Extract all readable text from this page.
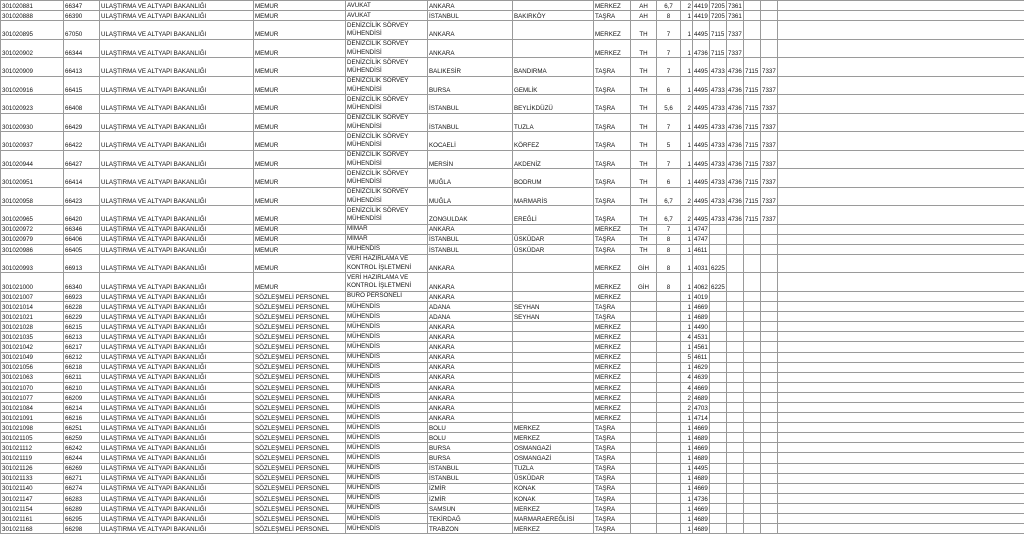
301020881	66347	ULAŞTIRMA VE ALTYAPI BAKANLIĞI	MEMUR	AVUKAT	ANKARA		MERKEZ	AH	6,7	2	4419	7205	7361			
301020888	66390	ULAŞTIRMA VE ALTYAPI BAKANLIĞI	MEMUR	AVUKAT	İSTANBUL	BAKIRKÖY	TAŞRA	AH	8	1	4419	7205	7361			
301020895	67050	ULAŞTIRMA VE ALTYAPI BAKANLIĞI	MEMUR	DENİZCİLİK SÖRVEY MÜHENDİSİ	ANKARA		MERKEZ	TH	7	1	4495	7115	7337			
301020902	66344	ULAŞTIRMA VE ALTYAPI BAKANLIĞI	MEMUR	DENİZCİLİK SÖRVEY MÜHENDİSİ	ANKARA		MERKEZ	TH	7	1	4736	7115	7337			
301020909	66413	ULAŞTIRMA VE ALTYAPI BAKANLIĞI	MEMUR	DENİZCİLİK SÖRVEY MÜHENDİSİ	BALIKESİR	BANDIRMA	TAŞRA	TH	7	1	4495	4733	4736	7115	7337	
301020916	66415	ULAŞTIRMA VE ALTYAPI BAKANLIĞI	MEMUR	DENİZCİLİK SÖRVEY MÜHENDİSİ	BURSA	GEMLİK	TAŞRA	TH	6	1	4495	4733	4736	7115	7337	
301020923	66408	ULAŞTIRMA VE ALTYAPI BAKANLIĞI	MEMUR	DENİZCİLİK SÖRVEY MÜHENDİSİ	İSTANBUL	BEYLİKDÜZÜ	TAŞRA	TH	5,6	2	4495	4733	4736	7115	7337	
301020930	66429	ULAŞTIRMA VE ALTYAPI BAKANLIĞI	MEMUR	DENİZCİLİK SÖRVEY MÜHENDİSİ	İSTANBUL	TUZLA	TAŞRA	TH	7	1	4495	4733	4736	7115	7337	
301020937	66422	ULAŞTIRMA VE ALTYAPI BAKANLIĞI	MEMUR	DENİZCİLİK SÖRVEY MÜHENDİSİ	KOCAELİ	KÖRFEZ	TAŞRA	TH	5	1	4495	4733	4736	7115	7337	
301020944	66427	ULAŞTIRMA VE ALTYAPI BAKANLIĞI	MEMUR	DENİZCİLİK SÖRVEY MÜHENDİSİ	MERSİN	AKDENİZ	TAŞRA	TH	7	1	4495	4733	4736	7115	7337	
301020951	66414	ULAŞTIRMA VE ALTYAPI BAKANLIĞI	MEMUR	DENİZCİLİK SÖRVEY MÜHENDİSİ	MUĞLA	BODRUM	TAŞRA	TH	6	1	4495	4733	4736	7115	7337	
301020958	66423	ULAŞTIRMA VE ALTYAPI BAKANLIĞI	MEMUR	DENİZCİLİK SÖRVEY MÜHENDİSİ	MUĞLA	MARMARİS	TAŞRA	TH	6,7	2	4495	4733	4736	7115	7337	
301020965	66420	ULAŞTIRMA VE ALTYAPI BAKANLIĞI	MEMUR	DENİZCİLİK SÖRVEY MÜHENDİSİ	ZONGULDAK	EREĞLİ	TAŞRA	TH	6,7	2	4495	4733	4736	7115	7337	
301020972	66346	ULAŞTIRMA VE ALTYAPI BAKANLIĞI	MEMUR	MİMAR	ANKARA		MERKEZ	TH	7	1	4747					
301020979	66406	ULAŞTIRMA VE ALTYAPI BAKANLIĞI	MEMUR	MİMAR	İSTANBUL	ÜSKÜDAR	TAŞRA	TH	8	1	4747					
301020986	66405	ULAŞTIRMA VE ALTYAPI BAKANLIĞI	MEMUR	MÜHENDİS	İSTANBUL	ÜSKÜDAR	TAŞRA	TH	8	1	4611					
301020993	66913	ULAŞTIRMA VE ALTYAPI BAKANLIĞI	MEMUR	VERİ HAZIRLAMA VE KONTROL İŞLETMENİ	ANKARA		MERKEZ	GİH	8	1	4031	6225				
301021000	66340	ULAŞTIRMA VE ALTYAPI BAKANLIĞI	MEMUR	VERİ HAZIRLAMA VE KONTROL İŞLETMENİ	ANKARA		MERKEZ	GİH	8	1	4062	6225				
301021007	66923	ULAŞTIRMA VE ALTYAPI BAKANLIĞI	SÖZLEŞMELİ PERSONEL	BÜRO PERSONELİ	ANKARA		MERKEZ			1	4019					
301021014	66228	ULAŞTIRMA VE ALTYAPI BAKANLIĞI	SÖZLEŞMELİ PERSONEL	MÜHENDİS	ADANA	SEYHAN	TAŞRA			1	4669					
301021021	66229	ULAŞTIRMA VE ALTYAPI BAKANLIĞI	SÖZLEŞMELİ PERSONEL	MÜHENDİS	ADANA	SEYHAN	TAŞRA			1	4689					
301021028	66215	ULAŞTIRMA VE ALTYAPI BAKANLIĞI	SÖZLEŞMELİ PERSONEL	MÜHENDİS	ANKARA		MERKEZ			1	4490					
301021035	66213	ULAŞTIRMA VE ALTYAPI BAKANLIĞI	SÖZLEŞMELİ PERSONEL	MÜHENDİS	ANKARA		MERKEZ			4	4531					
301021042	66217	ULAŞTIRMA VE ALTYAPI BAKANLIĞI	SÖZLEŞMELİ PERSONEL	MÜHENDİS	ANKARA		MERKEZ			1	4561					
301021049	66212	ULAŞTIRMA VE ALTYAPI BAKANLIĞI	SÖZLEŞMELİ PERSONEL	MÜHENDİS	ANKARA		MERKEZ			5	4611					
301021056	66218	ULAŞTIRMA VE ALTYAPI BAKANLIĞI	SÖZLEŞMELİ PERSONEL	MÜHENDİS	ANKARA		MERKEZ			1	4629					
301021063	66211	ULAŞTIRMA VE ALTYAPI BAKANLIĞI	SÖZLEŞMELİ PERSONEL	MÜHENDİS	ANKARA		MERKEZ			4	4639					
301021070	66210	ULAŞTIRMA VE ALTYAPI BAKANLIĞI	SÖZLEŞMELİ PERSONEL	MÜHENDİS	ANKARA		MERKEZ			4	4669					
301021077	66209	ULAŞTIRMA VE ALTYAPI BAKANLIĞI	SÖZLEŞMELİ PERSONEL	MÜHENDİS	ANKARA		MERKEZ			2	4689					
301021084	66214	ULAŞTIRMA VE ALTYAPI BAKANLIĞI	SÖZLEŞMELİ PERSONEL	MÜHENDİS	ANKARA		MERKEZ			2	4703					
301021091	66216	ULAŞTIRMA VE ALTYAPI BAKANLIĞI	SÖZLEŞMELİ PERSONEL	MÜHENDİS	ANKARA		MERKEZ			1	4714					
301021098	66251	ULAŞTIRMA VE ALTYAPI BAKANLIĞI	SÖZLEŞMELİ PERSONEL	MÜHENDİS	BOLU	MERKEZ	TAŞRA			1	4669					
301021105	66259	ULAŞTIRMA VE ALTYAPI BAKANLIĞI	SÖZLEŞMELİ PERSONEL	MÜHENDİS	BOLU	MERKEZ	TAŞRA			1	4689					
301021112	66242	ULAŞTIRMA VE ALTYAPI BAKANLIĞI	SÖZLEŞMELİ PERSONEL	MÜHENDİS	BURSA	OSMANGAZİ	TAŞRA			1	4669					
301021119	66244	ULAŞTIRMA VE ALTYAPI BAKANLIĞI	SÖZLEŞMELİ PERSONEL	MÜHENDİS	BURSA	OSMANGAZİ	TAŞRA			1	4689					
301021126	66269	ULAŞTIRMA VE ALTYAPI BAKANLIĞI	SÖZLEŞMELİ PERSONEL	MÜHENDİS	İSTANBUL	TUZLA	TAŞRA			1	4495					
301021133	66271	ULAŞTIRMA VE ALTYAPI BAKANLIĞI	SÖZLEŞMELİ PERSONEL	MÜHENDİS	İSTANBUL	ÜSKÜDAR	TAŞRA			1	4689					
301021140	66274	ULAŞTIRMA VE ALTYAPI BAKANLIĞI	SÖZLEŞMELİ PERSONEL	MÜHENDİS	İZMİR	KONAK	TAŞRA			1	4669					
301021147	66283	ULAŞTIRMA VE ALTYAPI BAKANLIĞI	SÖZLEŞMELİ PERSONEL	MÜHENDİS	İZMİR	KONAK	TAŞRA			1	4736					
301021154	66289	ULAŞTIRMA VE ALTYAPI BAKANLIĞI	SÖZLEŞMELİ PERSONEL	MÜHENDİS	SAMSUN	MERKEZ	TAŞRA			1	4669					
301021161	66295	ULAŞTIRMA VE ALTYAPI BAKANLIĞI	SÖZLEŞMELİ PERSONEL	MÜHENDİS	TEKİRDAĞ	MARMARAEREĞLİSİ	TAŞRA			1	4689					
301021168	66298	ULAŞTIRMA VE ALTYAPI BAKANLIĞI	SÖZLEŞMELİ PERSONEL	MÜHENDİS	TRABZON	MERKEZ	TAŞRA			1	4689					
